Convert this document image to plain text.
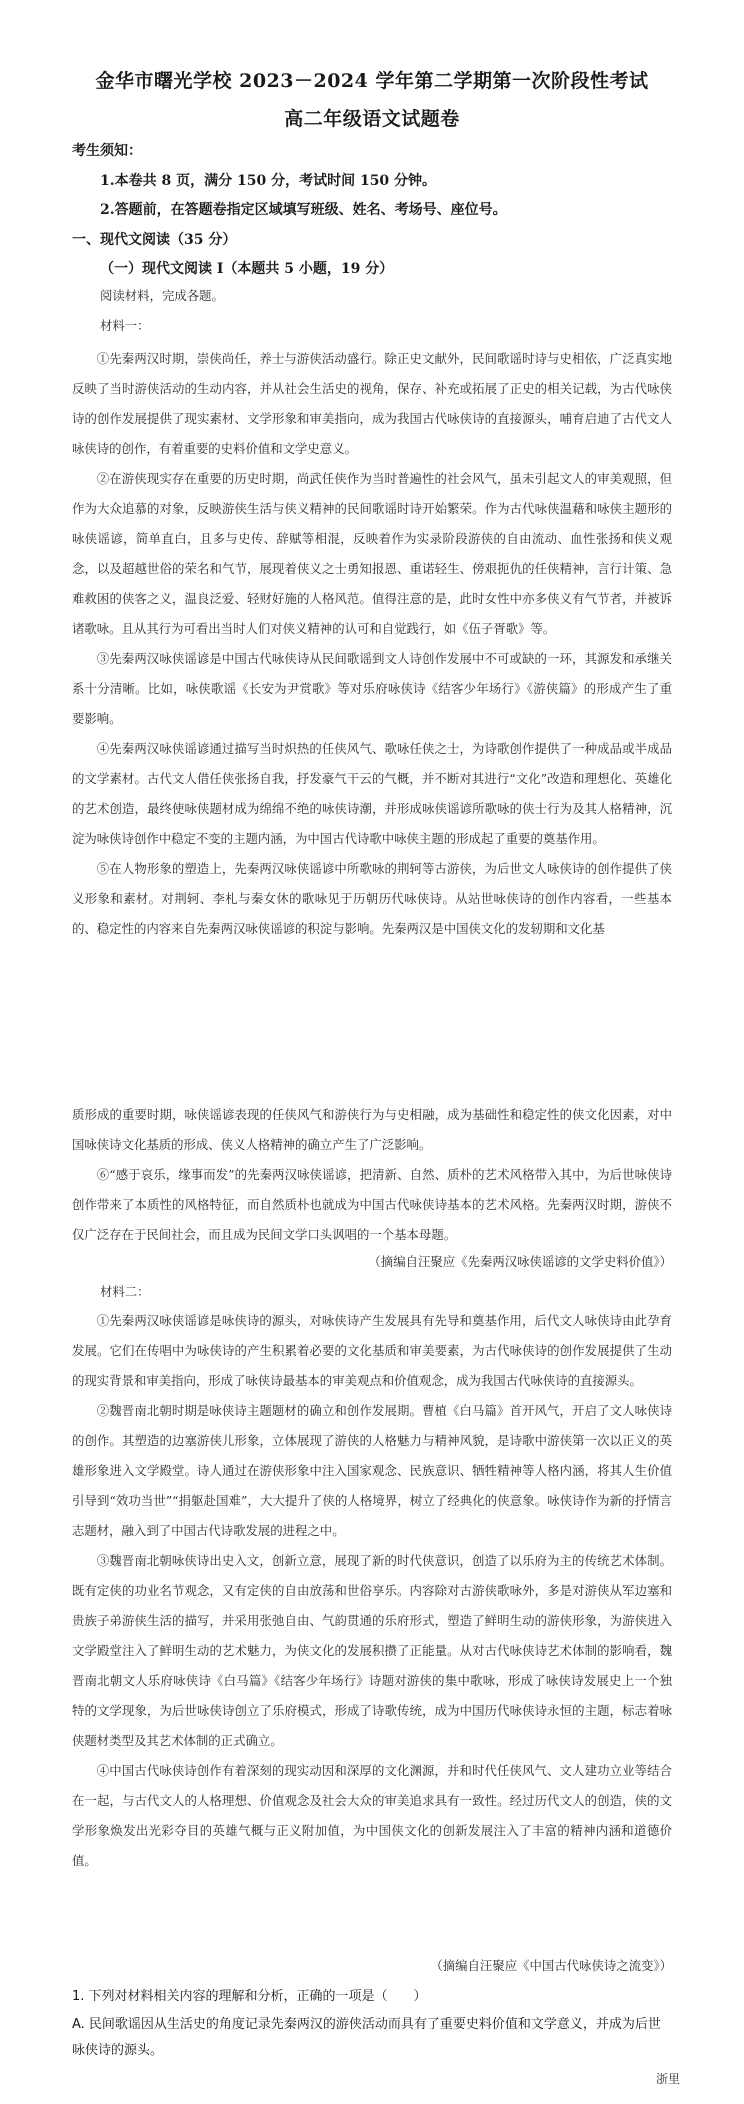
金华市曙光学校 2023－2024 学年第二学期第一次阶段性考试
高二年级语文试题卷
考生须知：
1.本卷共 8 页，满分 150 分，考试时间 150 分钟。
2.答题前，在答题卷指定区域填写班级、姓名、考场号、座位号。
一、现代文阅读（35 分）
（一）现代文阅读 I（本题共 5 小题，19 分）
阅读材料，完成各题。
材料一：

①先秦两汉时期，崇侠尚任，养士与游侠活动盛行。除正史文献外，民间歌谣时诗与史相依，广泛真实地反映了当时游侠活动的生动内容，并从社会生活史的视角，保存、补充或拓展了正史的相关记载，为古代咏侠诗的创作发展提供了现实素材、文学形象和审美指向，成为我国古代咏侠诗的直接源头，哺育启迪了古代文人咏侠诗的创作，有着重要的史料价值和文学史意义。

②在游侠现实存在重要的历史时期，尚武任侠作为当时普遍性的社会风气，虽未引起文人的审美观照，但作为大众追慕的对象，反映游侠生活与侠义精神的民间歌谣时诗开始繁荣。作为古代咏侠温藉和咏侠主题形的咏侠谣谚，简单直白，且多与史传、辞赋等相混，反映着作为实录阶段游侠的自由流动、血性张扬和侠义观念，以及超越世俗的荣名和气节，展现着侠义之士勇知报恩、重诺轻生、傍艰扼仇的任侠精神，言行计策、急难救困的侠客之义，温良泛爱、轻财好施的人格风范。值得注意的是，此时女性中亦多侠义有气节者，并被诉诸歌咏。且从其行为可看出当时人们对侠义精神的认可和自觉践行，如《伍子胥歌》等。

③先秦两汉咏侠谣谚是中国古代咏侠诗从民间歌谣到文人诗创作发展中不可或缺的一环，其源发和承继关系十分清晰。比如，咏侠歌谣《长安为尹赏歌》等对乐府咏侠诗《结客少年场行》《游侠篇》的形成产生了重要影响。

④先秦两汉咏侠谣谚通过描写当时炽热的任侠风气、歌咏任侠之士，为诗歌创作提供了一种成品或半成品的文学素材。古代文人借任侠张扬自我，抒发豪气干云的气概，并不断对其进行“文化”改造和理想化、英雄化的艺术创造，最终使咏侠题材成为绵绵不绝的咏侠诗潮，并形成咏侠谣谚所歌咏的侠士行为及其人格精神，沉淀为咏侠诗创作中稳定不变的主题内涵，为中国古代诗歌中咏侠主题的形成起了重要的奠基作用。

⑤在人物形象的塑造上，先秦两汉咏侠谣谚中所歌咏的荆轲等古游侠，为后世文人咏侠诗的创作提供了侠义形象和素材。对荆轲、李札与秦女休的歌咏见于历朝历代咏侠诗。从站世咏侠诗的创作内容看，一些基本的、稳定性的内容来自先秦两汉咏侠谣谚的积淀与影响。先秦两汉是中国侠文化的发轫期和文化基

质形成的重要时期，咏侠谣谚表现的任侠风气和游侠行为与史相融，成为基础性和稳定性的侠文化因素，对中国咏侠诗文化基质的形成、侠义人格精神的确立产生了广泛影响。

⑥“感于哀乐，缘事而发”的先秦两汉咏侠谣谚，把清新、自然、质朴的艺术风格带入其中，为后世咏侠诗创作带来了本质性的风格特征，而自然质朴也就成为中国古代咏侠诗基本的艺术风格。先秦两汉时期，游侠不仅广泛存在于民间社会，而且成为民间文学口头讽唱的一个基本母题。

（摘编自汪聚应《先秦两汉咏侠谣谚的文学史料价值》）
材料二：

①先秦两汉咏侠谣谚是咏侠诗的源头，对咏侠诗产生发展具有先导和奠基作用，后代文人咏侠诗由此孕育发展。它们在传唱中为咏侠诗的产生积累着必要的文化基质和审美要素，为古代咏侠诗的创作发展提供了生动的现实背景和审美指向，形成了咏侠诗最基本的审美观点和价值观念，成为我国古代咏侠诗的直接源头。

②魏晋南北朝时期是咏侠诗主题题材的确立和创作发展期。曹植《白马篇》首开风气，开启了文人咏侠诗的创作。其塑造的边塞游侠儿形象，立体展现了游侠的人格魅力与精神风貌，是诗歌中游侠第一次以正义的英雄形象进入文学殿堂。诗人通过在游侠形象中注入国家观念、民族意识、牺牲精神等人格内涵，将其人生价值引导到“效功当世”“捐躯赴国难”，大大提升了侠的人格境界，树立了经典化的侠意象。咏侠诗作为新的抒情言志题材，融入到了中国古代诗歌发展的进程之中。

③魏晋南北朝咏侠诗出史入文，创新立意，展现了新的时代侠意识，创造了以乐府为主的传统艺术体制。既有定侠的功业名节观念，又有定侠的自由放荡和世俗享乐。内容除对古游侠歌咏外，多是对游侠从军边塞和贵族子弟游侠生活的描写，并采用张弛自由、气韵贯通的乐府形式，塑造了鲜明生动的游侠形象，为游侠进入文学殿堂注入了鲜明生动的艺术魅力，为侠文化的发展积攒了正能量。从对古代咏侠诗艺术体制的影响看，魏晋南北朝文人乐府咏侠诗《白马篇》《结客少年场行》诗题对游侠的集中歌咏，形成了咏侠诗发展史上一个独特的文学现象，为后世咏侠诗创立了乐府模式，形成了诗歌传统，成为中国历代咏侠诗永恒的主题，标志着咏侠题材类型及其艺术体制的正式确立。

④中国古代咏侠诗创作有着深刻的现实动因和深厚的文化渊源，并和时代任侠风气、文人建功立业等结合在一起，与古代文人的人格理想、价值观念及社会大众的审美追求具有一致性。经过历代文人的创造，侠的文学形象焕发出光彩夺目的英雄气概与正义附加值，为中国侠文化的创新发展注入了丰富的精神内涵和道德价值。

（摘编自汪聚应《中国古代咏侠诗之流变》）
1. 下列对材料相关内容的理解和分析，正确的一项是（　　）
A. 民间歌谣因从生活史的角度记录先秦两汉的游侠活动而具有了重要史料价值和文学意义，并成为后世咏侠诗的源头。
浙里
